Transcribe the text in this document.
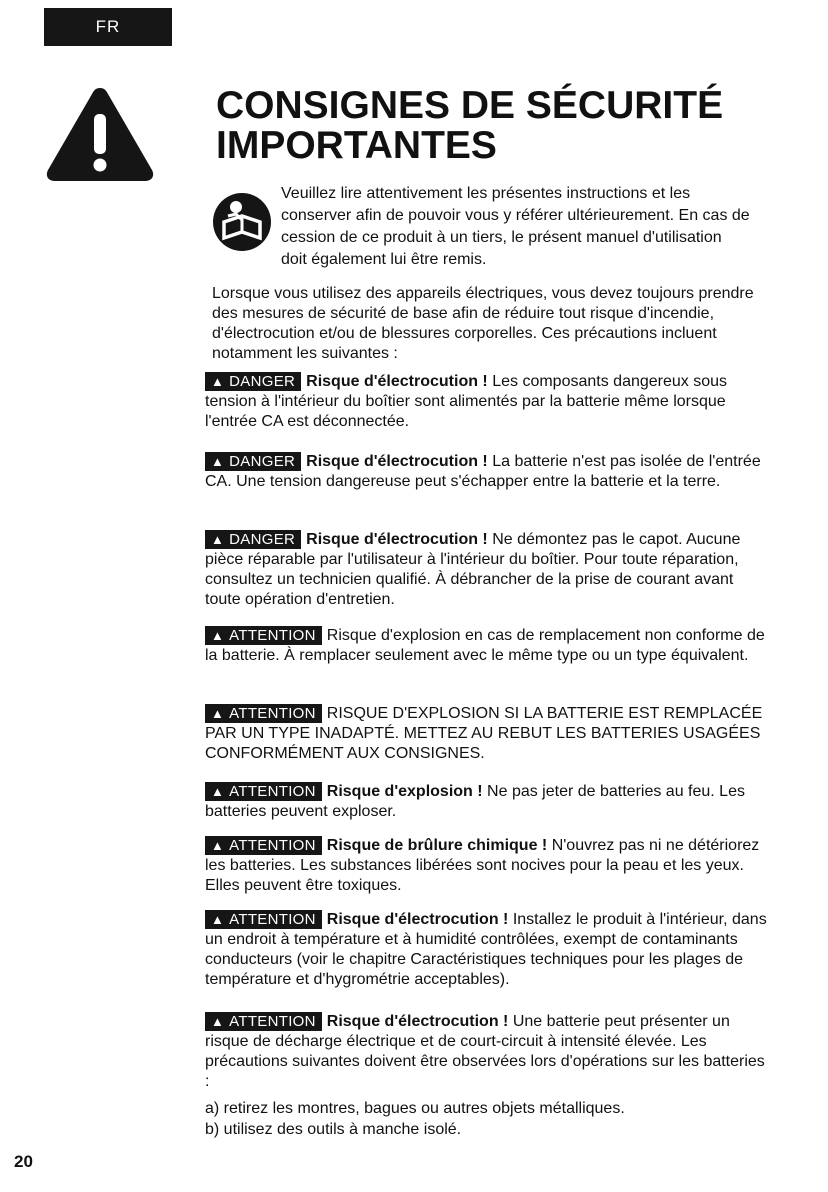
FR
CONSIGNES DE SÉCURITÉ
IMPORTANTES

Veuillez lire attentivement les présentes instructions et les conserver afin de pouvoir vous y référer ultérieurement. En cas de cession de ce produit à un tiers, le présent manuel d'utilisation doit également lui être remis.

Lorsque vous utilisez des appareils électriques, vous devez toujours prendre des mesures de sécurité de base afin de réduire tout risque d'incendie, d'électrocution et/ou de blessures corporelles. Ces précautions incluent notamment les suivantes :

▲ DANGER Risque d'électrocution ! Les composants dangereux sous tension à l'intérieur du boîtier sont alimentés par la batterie même lorsque l'entrée CA est déconnectée.

▲ DANGER Risque d'électrocution ! La batterie n'est pas isolée de l'entrée CA. Une tension dangereuse peut s'échapper entre la batterie et la terre.

▲ DANGER Risque d'électrocution ! Ne démontez pas le capot. Aucune pièce réparable par l'utilisateur à l'intérieur du boîtier. Pour toute réparation, consultez un technicien qualifié. À débrancher de la prise de courant avant toute opération d'entretien.

▲ ATTENTION Risque d'explosion en cas de remplacement non conforme de la batterie. À remplacer seulement avec le même type ou un type équivalent.

▲ ATTENTION RISQUE D'EXPLOSION SI LA BATTERIE EST REMPLACÉE PAR UN TYPE INADAPTÉ. METTEZ AU REBUT LES BATTERIES USAGÉES CONFORMÉMENT AUX CONSIGNES.

▲ ATTENTION Risque d'explosion ! Ne pas jeter de batteries au feu. Les batteries peuvent exploser.

▲ ATTENTION Risque de brûlure chimique ! N'ouvrez pas ni ne détériorez les batteries. Les substances libérées sont nocives pour la peau et les yeux. Elles peuvent être toxiques.

▲ ATTENTION Risque d'électrocution ! Installez le produit à l'intérieur, dans un endroit à température et à humidité contrôlées, exempt de contaminants conducteurs (voir le chapitre Caractéristiques techniques pour les plages de température et d'hygrométrie acceptables).

▲ ATTENTION Risque d'électrocution ! Une batterie peut présenter un risque de décharge électrique et de court-circuit à intensité élevée. Les précautions suivantes doivent être observées lors d'opérations sur les batteries :

a) retirez les montres, bagues ou autres objets métalliques.
b) utilisez des outils à manche isolé.
20
